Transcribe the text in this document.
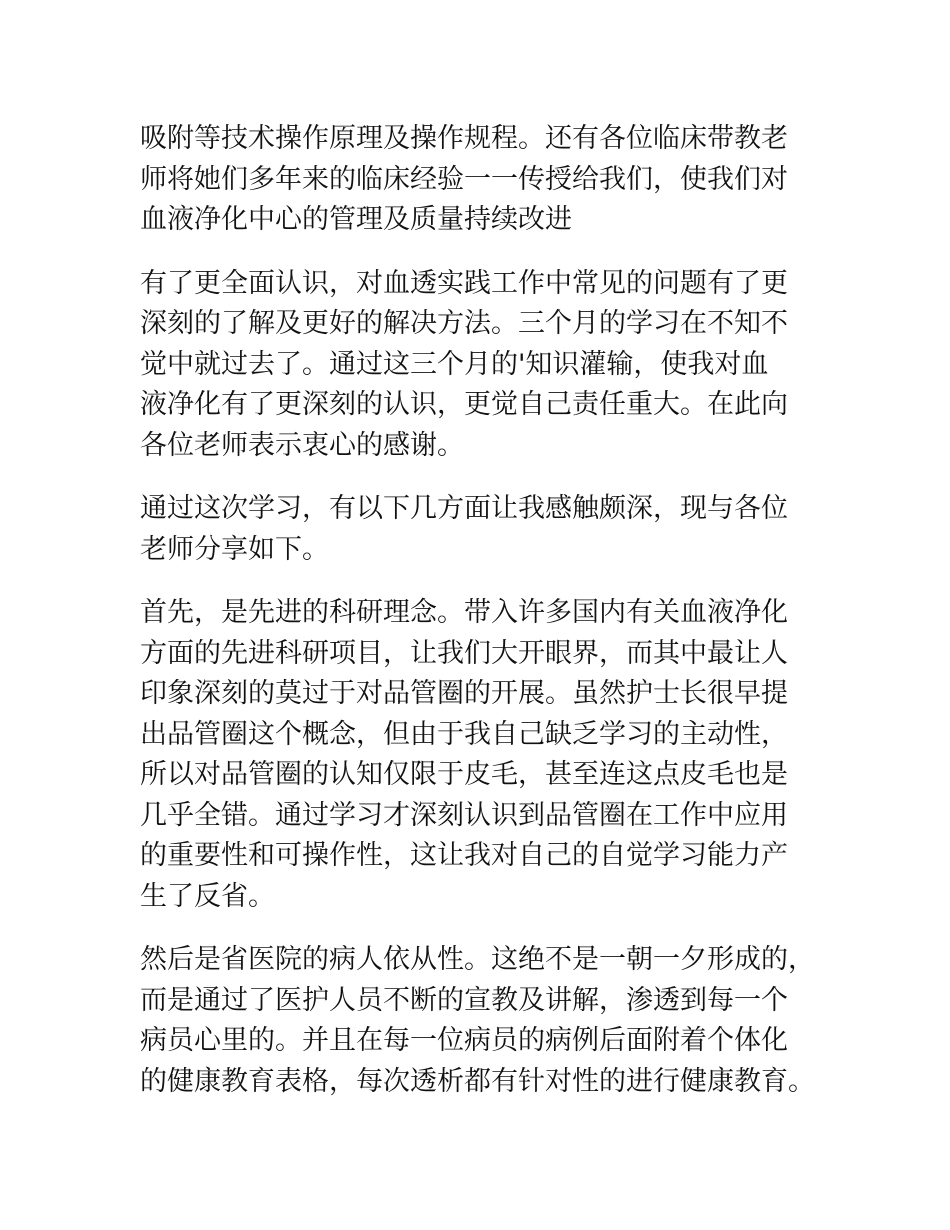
吸附等技术操作原理及操作规程。还有各位临床带教老
师将她们多年来的临床经验一一传授给我们，使我们对
血液净化中心的管理及质量持续改进

有了更全面认识，对血透实践工作中常见的问题有了更
深刻的了解及更好的解决方法。三个月的学习在不知不
觉中就过去了。通过这三个月的'知识灌输，使我对血
液净化有了更深刻的认识，更觉自己责任重大。在此向
各位老师表示衷心的感谢。

通过这次学习，有以下几方面让我感触颇深，现与各位
老师分享如下。

首先，是先进的科研理念。带入许多国内有关血液净化
方面的先进科研项目，让我们大开眼界，而其中最让人
印象深刻的莫过于对品管圈的开展。虽然护士长很早提
出品管圈这个概念，但由于我自己缺乏学习的主动性，
所以对品管圈的认知仅限于皮毛，甚至连这点皮毛也是
几乎全错。通过学习才深刻认识到品管圈在工作中应用
的重要性和可操作性，这让我对自己的自觉学习能力产
生了反省。

然后是省医院的病人依从性。这绝不是一朝一夕形成的，
而是通过了医护人员不断的宣教及讲解，渗透到每一个
病员心里的。并且在每一位病员的病例后面附着个体化
的健康教育表格，每次透析都有针对性的进行健康教育。
